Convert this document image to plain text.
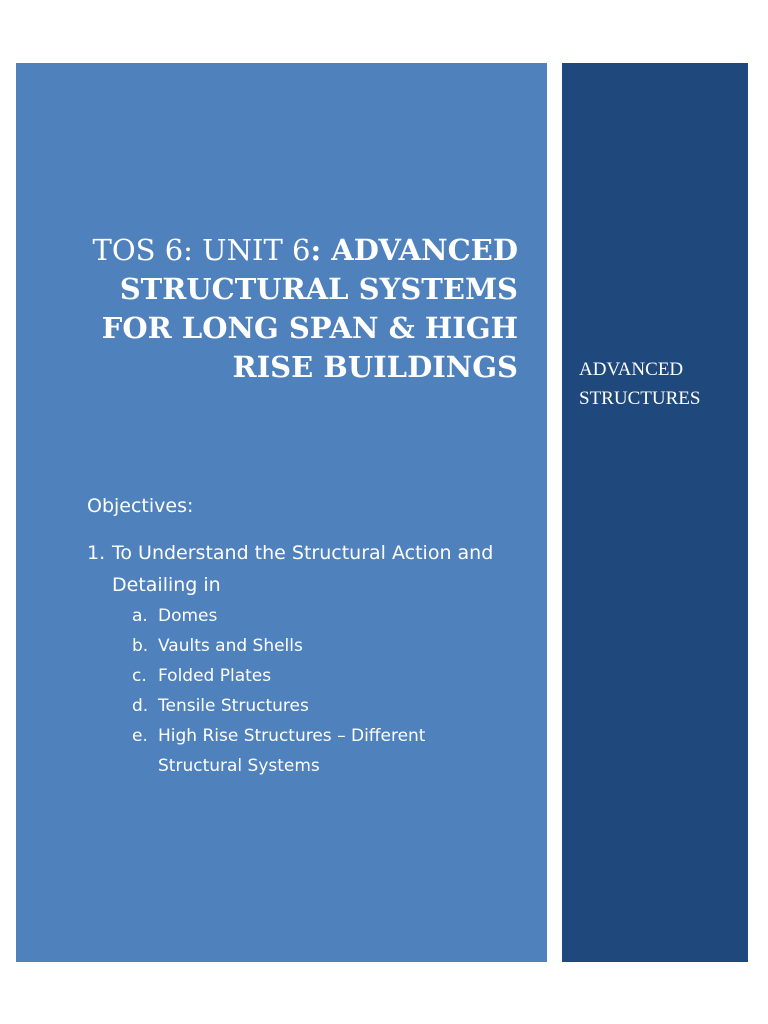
TOS 6: UNIT 6: ADVANCED STRUCTURAL SYSTEMS FOR LONG SPAN & HIGH RISE BUILDINGS

Objectives:

1. To Understand the Structural Action and Detailing in
a. Domes
b. Vaults and Shells
c. Folded Plates
d. Tensile Structures
e. High Rise Structures – Different Structural Systems

ADVANCED
STRUCTURES
